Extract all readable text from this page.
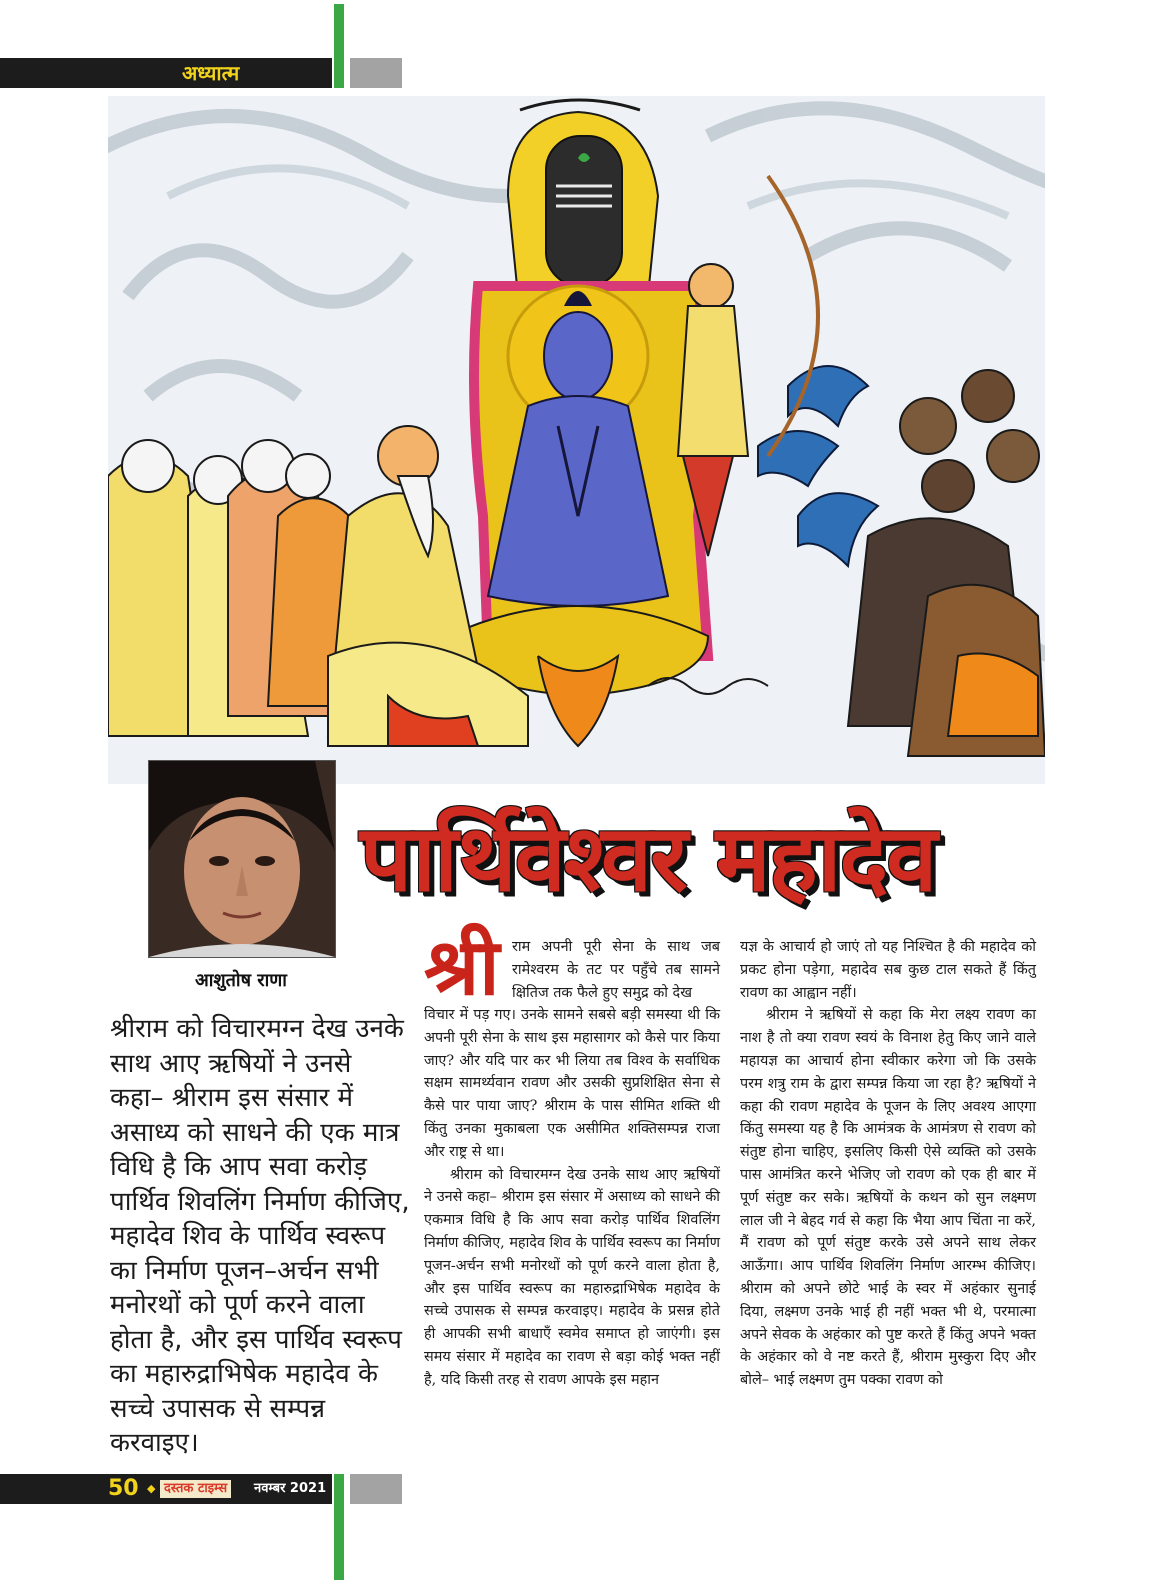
अध्यात्म
आशुतोष राणा
पार्थिवेश्वर महादेव
श्रीराम को विचारमग्न देख उनके साथ आए ऋषियों ने उनसे कहा– श्रीराम इस संसार में असाध्य को साधने की एक मात्र विधि है कि आप सवा करोड़ पार्थिव शिवलिंग निर्माण कीजिए, महादेव शिव के पार्थिव स्वरूप का निर्माण पूजन–अर्चन सभी मनोरथों को पूर्ण करने वाला होता है, और इस पार्थिव स्वरूप का महारुद्राभिषेक महादेव के सच्चे उपासक से सम्पन्न करवाइए।
श्री राम अपनी पूरी सेना के साथ जब रामेश्वरम के तट पर पहुँचे तब सामने क्षितिज तक फैले हुए समुद्र को देख

विचार में पड़ गए। उनके सामने सबसे बड़ी समस्या थी कि अपनी पूरी सेना के साथ इस महासागर को कैसे पार किया जाए? और यदि पार कर भी लिया तब विश्व के सर्वाधिक सक्षम सामर्थ्यवान रावण और उसकी सुप्रशिक्षित सेना से कैसे पार पाया जाए? श्रीराम के पास सीमित शक्ति थी किंतु उनका मुकाबला एक असीमित शक्तिसम्पन्न राजा और राष्ट्र से था।

श्रीराम को विचारमग्न देख उनके साथ आए ऋषियों ने उनसे कहा– श्रीराम इस संसार में असाध्य को साधने की एकमात्र विधि है कि आप सवा करोड़ पार्थिव शिवलिंग निर्माण कीजिए, महादेव शिव के पार्थिव स्वरूप का निर्माण पूजन-अर्चन सभी मनोरथों को पूर्ण करने वाला होता है, और इस पार्थिव स्वरूप का महारुद्राभिषेक महादेव के सच्चे उपासक से सम्पन्न करवाइए। महादेव के प्रसन्न होते ही आपकी सभी बाधाएँ स्वमेव समाप्त हो जाएंगी। इस समय संसार में महादेव का रावण से बड़ा कोई भक्त नहीं है, यदि किसी तरह से रावण आपके इस महान

यज्ञ के आचार्य हो जाएं तो यह निश्चित है की महादेव को प्रकट होना पड़ेगा, महादेव सब कुछ टाल सकते हैं किंतु रावण का आह्वान नहीं।

श्रीराम ने ऋषियों से कहा कि मेरा लक्ष्य रावण का नाश है तो क्या रावण स्वयं के विनाश हेतु किए जाने वाले महायज्ञ का आचार्य होना स्वीकार करेगा जो कि उसके परम शत्रु राम के द्वारा सम्पन्न किया जा रहा है? ऋषियों ने कहा की रावण महादेव के पूजन के लिए अवश्य आएगा किंतु समस्या यह है कि आमंत्रक के आमंत्रण से रावण को संतुष्ट होना चाहिए, इसलिए किसी ऐसे व्यक्ति को उसके पास आमंत्रित करने भेजिए जो रावण को एक ही बार में पूर्ण संतुष्ट कर सके। ऋषियों के कथन को सुन लक्ष्मण लाल जी ने बेहद गर्व से कहा कि भैया आप चिंता ना करें, मैं रावण को पूर्ण संतुष्ट करके उसे अपने साथ लेकर आऊँगा। आप पार्थिव शिवलिंग निर्माण आरम्भ कीजिए। श्रीराम को अपने छोटे भाई के स्वर में अहंकार सुनाई दिया, लक्ष्मण उनके भाई ही नहीं भक्त भी थे, परमात्मा अपने सेवक के अहंकार को पुष्ट करते हैं किंतु अपने भक्त के अहंकार को वे नष्ट करते हैं, श्रीराम मुस्कुरा दिए और बोले– भाई लक्ष्मण तुम पक्का रावण को

50 ◆ दस्तक टाइम्स	नवम्बर 2021
